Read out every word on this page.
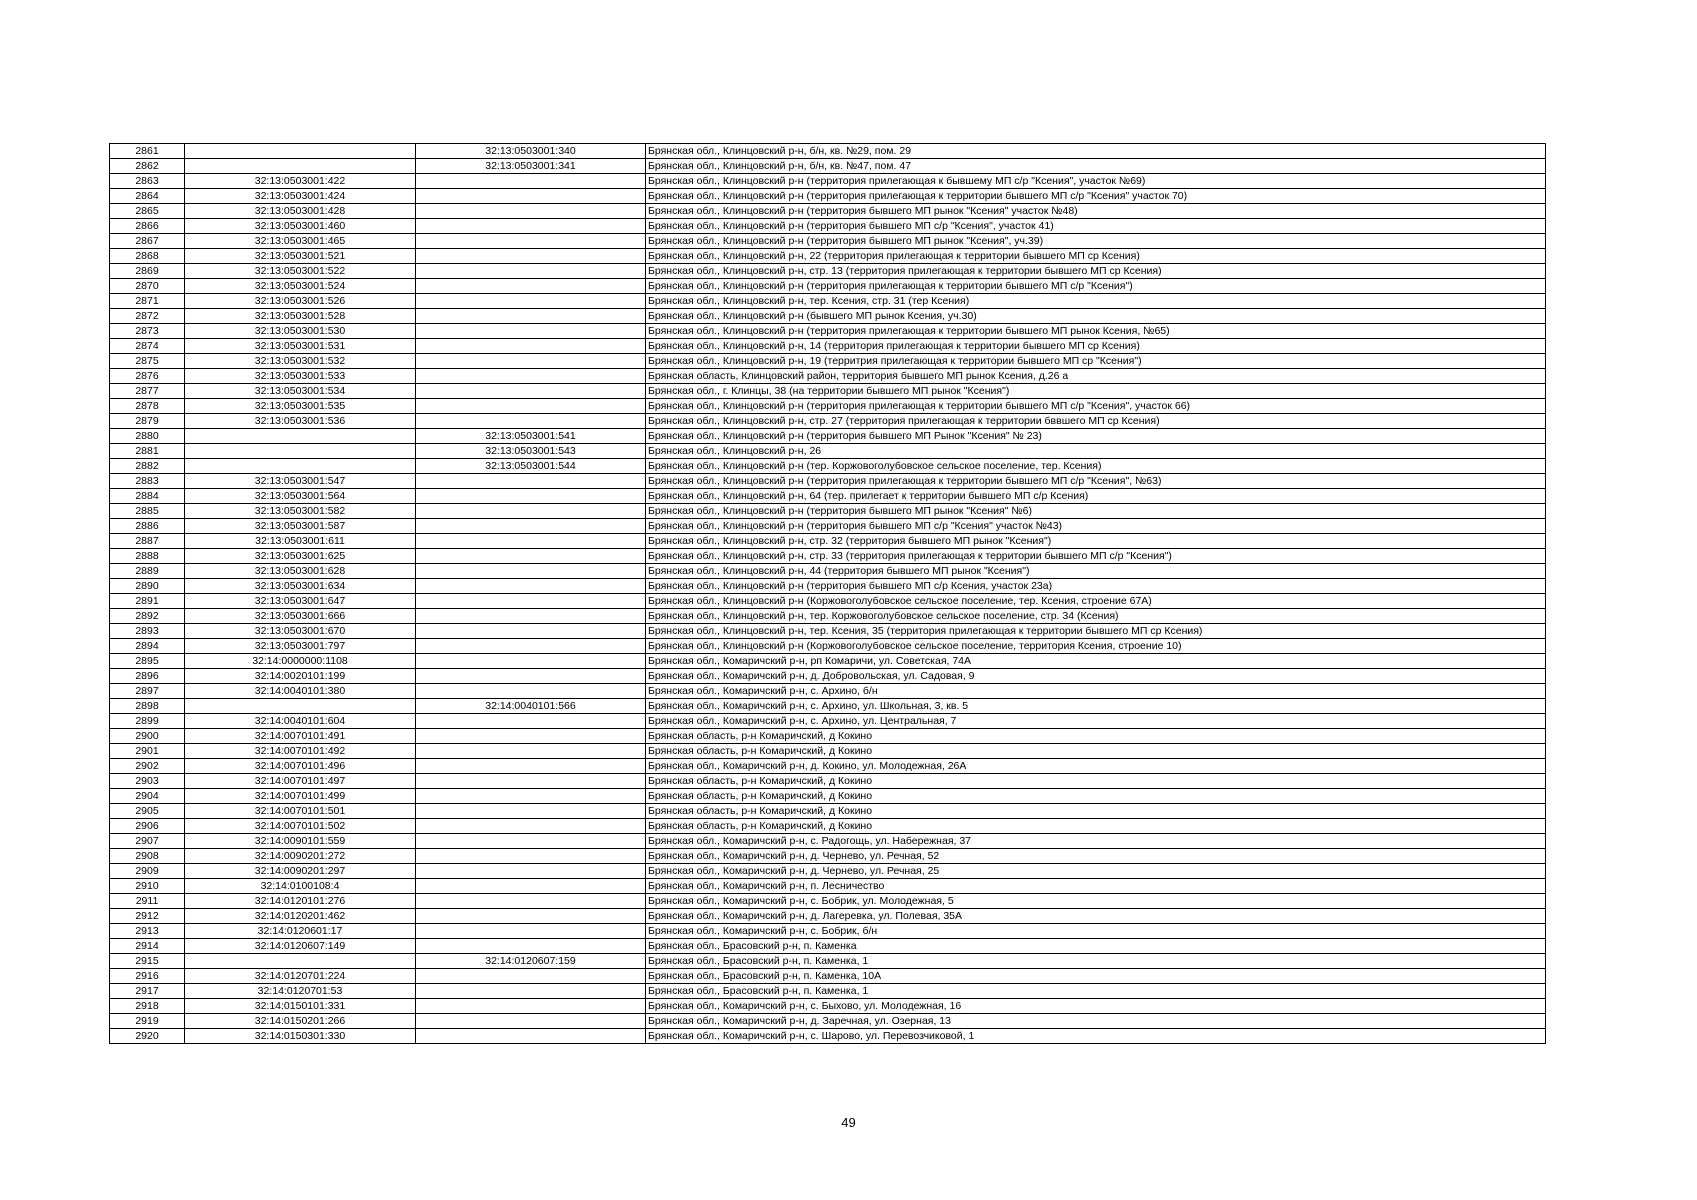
2861		32:13:0503001:340	Брянская обл., Клинцовский р-н, б/н, кв. №29, пом. 29
2862		32:13:0503001:341	Брянская обл., Клинцовский р-н, б/н, кв. №47, пом. 47
2863	32:13:0503001:422		Брянская обл., Клинцовский р-н (территория прилегающая к бывшему МП с/р "Ксения", участок №69)
2864	32:13:0503001:424		Брянская обл., Клинцовский р-н (территория прилегающая к территории бывшего МП с/р "Ксения" участок 70)
2865	32:13:0503001:428		Брянская обл., Клинцовский р-н (территория бывшего МП рынок "Ксения" участок №48)
2866	32:13:0503001:460		Брянская обл., Клинцовский р-н (территория бывшего МП с/р "Ксения", участок 41)
2867	32:13:0503001:465		Брянская обл., Клинцовский р-н (территория бывшего МП рынок "Ксения", уч.39)
2868	32:13:0503001:521		Брянская обл., Клинцовский р-н, 22 (территория прилегающая к территории бывшего МП ср Ксения)
2869	32:13:0503001:522		Брянская обл., Клинцовский р-н, стр. 13 (территория прилегающая к территории бывшего МП ср Ксения)
2870	32:13:0503001:524		Брянская обл., Клинцовский р-н (территория прилегающая к территории бывшего МП с/р "Ксения")
2871	32:13:0503001:526		Брянская обл., Клинцовский р-н, тер. Ксения, стр. 31 (тер Ксения)
2872	32:13:0503001:528		Брянская обл., Клинцовский р-н (бывшего МП рынок Ксения, уч.30)
2873	32:13:0503001:530		Брянская обл., Клинцовский р-н (территория прилегающая к территории бывшего МП рынок Ксения, №65)
2874	32:13:0503001:531		Брянская обл., Клинцовский р-н, 14 (территория прилегающая к территории бывшего МП ср Ксения)
2875	32:13:0503001:532		Брянская обл., Клинцовский р-н, 19 (территрия прилегающая к территории бывшего МП ср "Ксения")
2876	32:13:0503001:533		Брянская область, Клинцовский район, территория бывшего МП рынок Ксения, д.26 а
2877	32:13:0503001:534		Брянская обл., г. Клинцы, 38 (на территории бывшего МП рынок "Ксения")
2878	32:13:0503001:535		Брянская обл., Клинцовский р-н (территория прилегающая к территории бывшего МП с/р "Ксения", участок 66)
2879	32:13:0503001:536		Брянская обл., Клинцовский р-н, стр. 27 (территория прилегающая к территории бввшего МП ср Ксения)
2880		32:13:0503001:541	Брянская обл., Клинцовский р-н (территория бывшего МП Рынок "Ксения" № 23)
2881		32:13:0503001:543	Брянская обл., Клинцовский р-н, 26
2882		32:13:0503001:544	Брянская обл., Клинцовский р-н (тер. Коржовоголубовское сельское поселение, тер. Ксения)
2883	32:13:0503001:547		Брянская обл., Клинцовский р-н (территория прилегающая к территории бывшего МП с/р "Ксения", №63)
2884	32:13:0503001:564		Брянская обл., Клинцовский р-н, 64 (тер. прилегает к территории бывшего МП с/р Ксения)
2885	32:13:0503001:582		Брянская обл., Клинцовский р-н (территория бывшего МП рынок "Ксения" №6)
2886	32:13:0503001:587		Брянская обл., Клинцовский р-н (территория бывшего МП с/р "Ксения" участок №43)
2887	32:13:0503001:611		Брянская обл., Клинцовский р-н, стр. 32 (территория бывшего МП рынок "Ксения")
2888	32:13:0503001:625		Брянская обл., Клинцовский р-н, стр. 33 (территория прилегающая к территории бывшего МП с/р "Ксения")
2889	32:13:0503001:628		Брянская обл., Клинцовский р-н, 44 (территория бывшего МП рынок "Ксения")
2890	32:13:0503001:634		Брянская обл., Клинцовский р-н (территория бывшего МП с/р Ксения, участок 23а)
2891	32:13:0503001:647		Брянская обл., Клинцовский р-н (Коржовоголубовское сельское поселение, тер. Ксения, строение 67А)
2892	32:13:0503001:666		Брянская обл., Клинцовский р-н, тер. Коржовоголубовское сельское поселение, стр. 34 (Ксения)
2893	32:13:0503001:670		Брянская обл., Клинцовский р-н, тер. Ксения, 35 (территория прилегающая к территории бывшего МП ср Ксения)
2894	32:13:0503001:797		Брянская обл., Клинцовский р-н (Коржовоголубовское сельское поселение, территория Ксения, строение 10)
2895	32:14:0000000:1108		Брянская обл., Комаричский р-н, рп Комаричи, ул. Советская, 74А
2896	32:14:0020101:199		Брянская обл., Комаричский р-н, д. Добровольская, ул. Садовая, 9
2897	32:14:0040101:380		Брянская обл., Комаричский р-н, с. Архино, б/н
2898		32:14:0040101:566	Брянская обл., Комаричский р-н, с. Архино, ул. Школьная, 3, кв. 5
2899	32:14:0040101:604		Брянская обл., Комаричский р-н, с. Архино, ул. Центральная, 7
2900	32:14:0070101:491		Брянская область, р-н Комаричский, д Кокино
2901	32:14:0070101:492		Брянская область, р-н Комаричский, д Кокино
2902	32:14:0070101:496		Брянская обл., Комаричский р-н, д. Кокино, ул. Молодежная, 26А
2903	32:14:0070101:497		Брянская область, р-н Комаричский, д Кокино
2904	32:14:0070101:499		Брянская область, р-н Комаричский, д Кокино
2905	32:14:0070101:501		Брянская область, р-н Комаричский, д Кокино
2906	32:14:0070101:502		Брянская область, р-н Комаричский, д Кокино
2907	32:14:0090101:559		Брянская обл., Комаричский р-н, с. Радогощь, ул. Набережная, 37
2908	32:14:0090201:272		Брянская обл., Комаричский р-н, д. Чернево, ул. Речная, 52
2909	32:14:0090201:297		Брянская обл., Комаричский р-н, д. Чернево, ул. Речная, 25
2910	32:14:0100108:4		Брянская обл., Комаричский р-н, п. Лесничество
2911	32:14:0120101:276		Брянская обл., Комаричский р-н, с. Бобрик, ул. Молодежная, 5
2912	32:14:0120201:462		Брянская обл., Комаричский р-н, д. Лагеревка, ул. Полевая, 35А
2913	32:14:0120601:17		Брянская обл., Комаричский р-н, с. Бобрик, б/н
2914	32:14:0120607:149		Брянская обл., Брасовский р-н, п. Каменка
2915		32:14:0120607:159	Брянская обл., Брасовский р-н, п. Каменка, 1
2916	32:14:0120701:224		Брянская обл., Брасовский р-н, п. Каменка, 10А
2917	32:14:0120701:53		Брянская обл., Брасовский р-н, п. Каменка, 1
2918	32:14:0150101:331		Брянская обл., Комаричский р-н, с. Быхово, ул. Молодежная, 16
2919	32:14:0150201:266		Брянская обл., Комаричский р-н, д. Заречная, ул. Озерная, 13
2920	32:14:0150301:330		Брянская обл., Комаричский р-н, с. Шарово, ул. Перевозчиковой, 1
49
